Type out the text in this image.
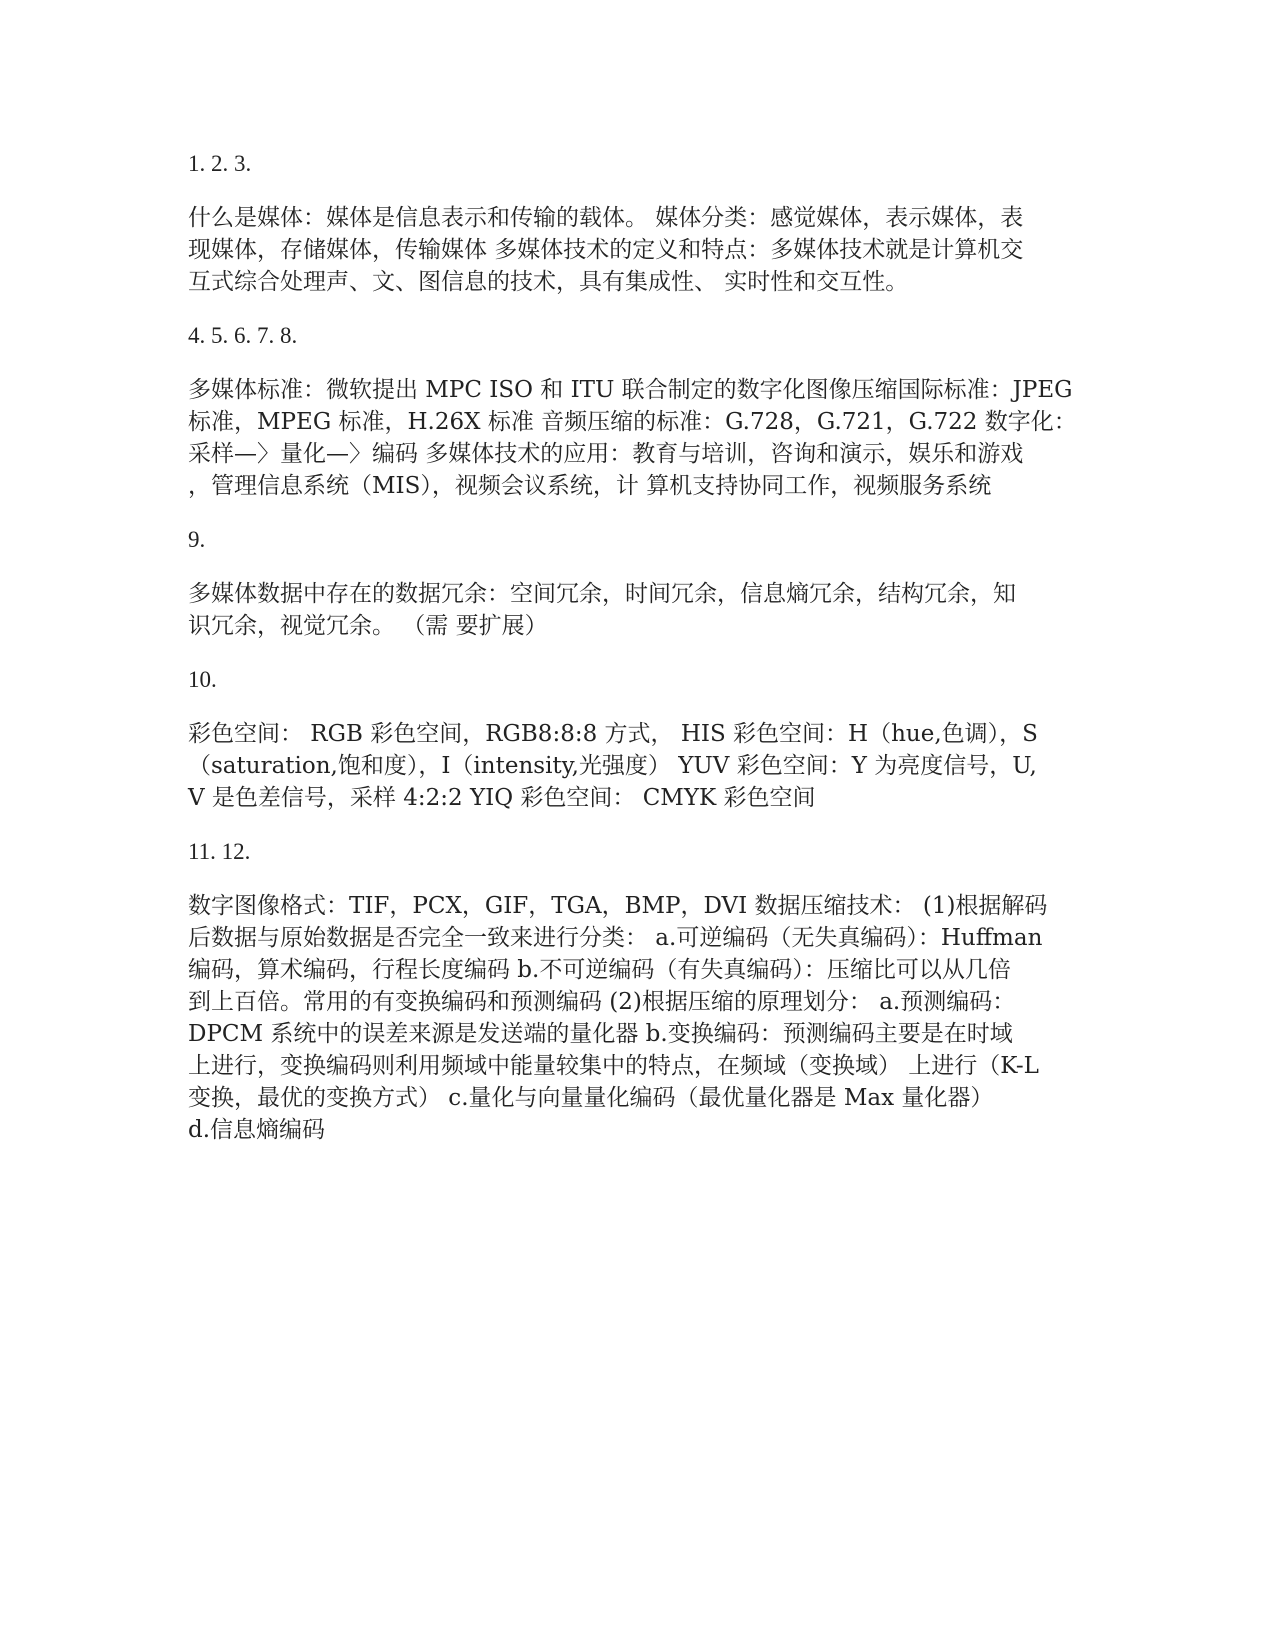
1. 2. 3.
什么是媒体：媒体是信息表示和传输的载体。 媒体分类：感觉媒体，表示媒体，表
现媒体，存储媒体，传输媒体 多媒体技术的定义和特点：多媒体技术就是计算机交
互式综合处理声、文、图信息的技术，具有集成性、 实时性和交互性。
4. 5. 6. 7. 8.
多媒体标准：微软提出 MPC ISO 和 ITU 联合制定的数字化图像压缩国际标准：JPEG
标准，MPEG 标准，H.26X 标准 音频压缩的标准：G.728，G.721，G.722 数字化：
采样—〉量化—〉编码 多媒体技术的应用：教育与培训，咨询和演示，娱乐和游戏
，管理信息系统（MIS），视频会议系统，计 算机支持协同工作，视频服务系统
9.
多媒体数据中存在的数据冗余：空间冗余，时间冗余，信息熵冗余，结构冗余，知
识冗余，视觉冗余。 （需 要扩展）
10.
彩色空间： RGB 彩色空间，RGB8:8:8 方式， HIS 彩色空间：H（hue,色调），S
（saturation,饱和度），I（intensity,光强度） YUV 彩色空间：Y 为亮度信号，U,
V 是色差信号，采样 4:2:2 YIQ 彩色空间： CMYK 彩色空间
11. 12.
数字图像格式：TIF，PCX，GIF，TGA，BMP，DVI 数据压缩技术： (1)根据解码
后数据与原始数据是否完全一致来进行分类： a.可逆编码（无失真编码）：Huffman
编码，算术编码，行程长度编码 b.不可逆编码（有失真编码）：压缩比可以从几倍
到上百倍。常用的有变换编码和预测编码 (2)根据压缩的原理划分： a.预测编码：
DPCM 系统中的误差来源是发送端的量化器 b.变换编码：预测编码主要是在时域
上进行，变换编码则利用频域中能量较集中的特点，在频域（变换域） 上进行（K-L
变换，最优的变换方式） c.量化与向量量化编码（最优量化器是 Max 量化器）
d.信息熵编码
